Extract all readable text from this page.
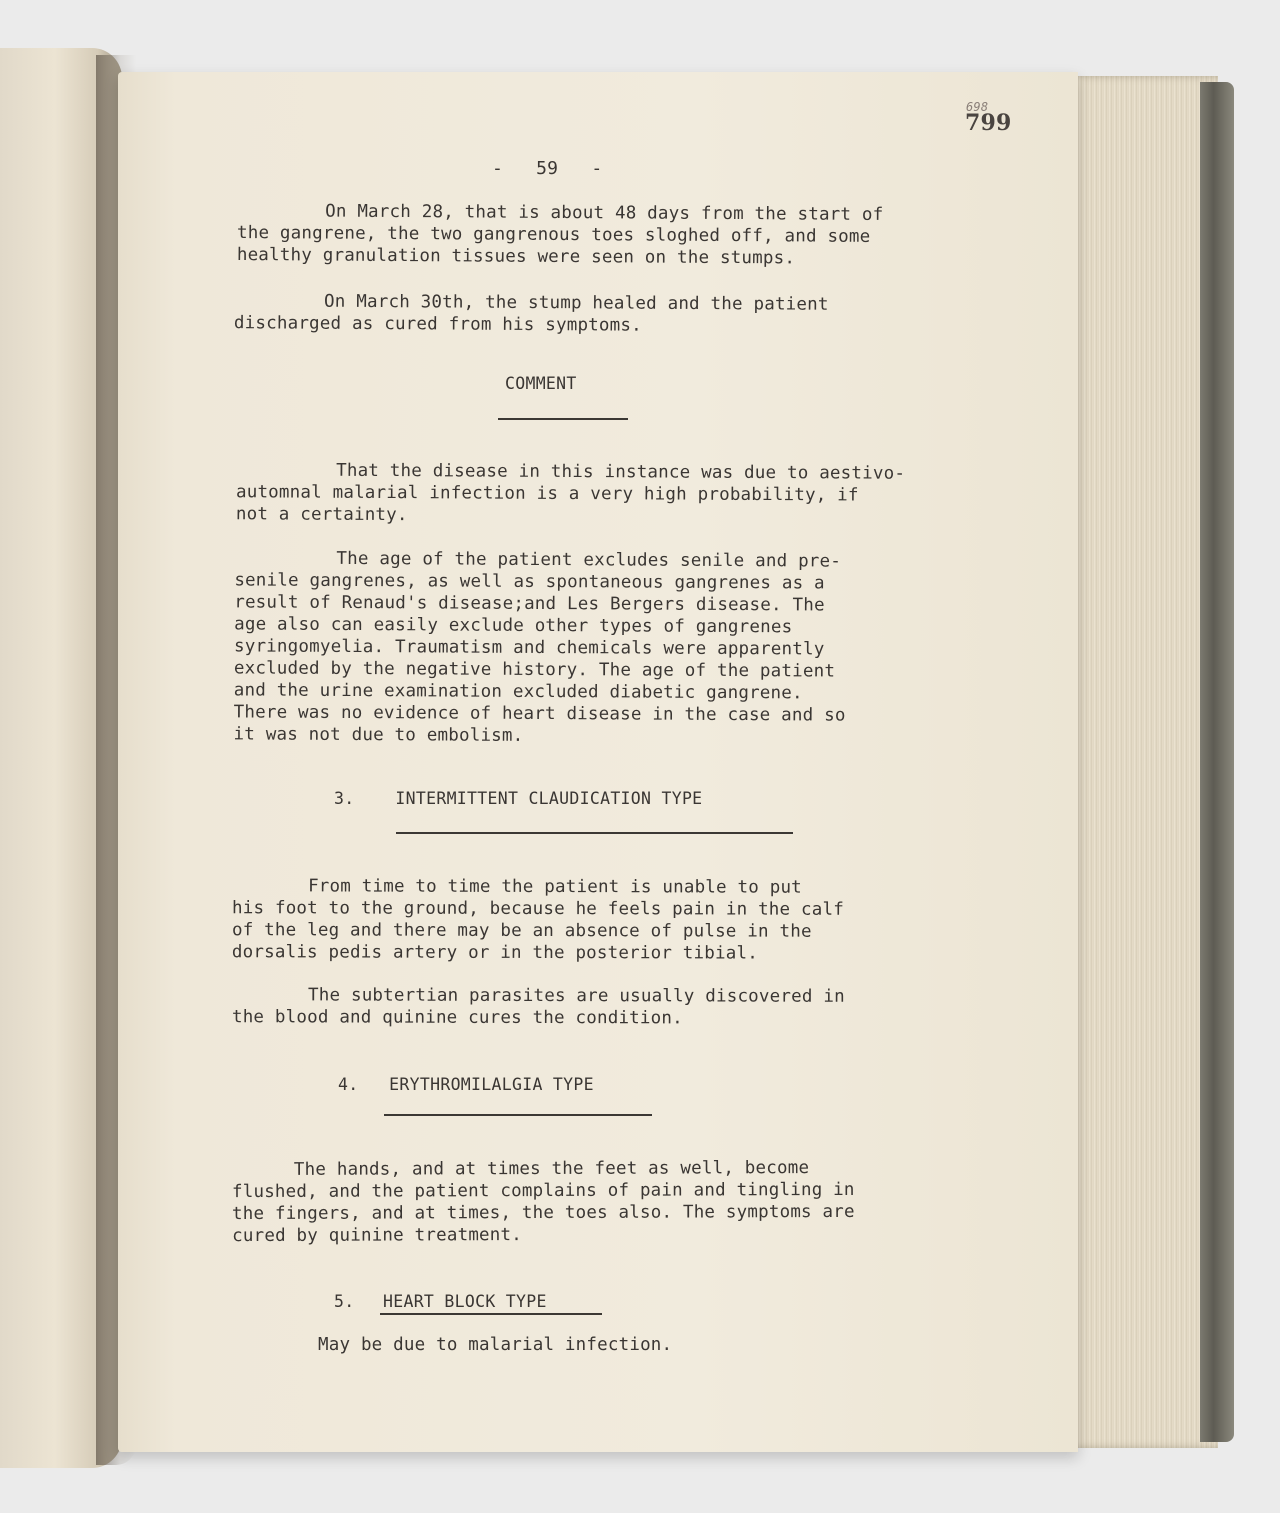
698
799
-   59   -
On March 28, that is about 48 days from the start of
the gangrene, the two gangrenous toes sloghed off, and some
healthy granulation tissues were seen on the stumps.
On March 30th, the stump healed and the patient
discharged as cured from his symptoms.
COMMENT
That the disease in this instance was due to aestivo-
automnal malarial infection is a very high probability, if
not a certainty.
The age of the patient excludes senile and pre-
senile gangrenes, as well as spontaneous gangrenes as a
result of Renaud's disease;and Les Bergers disease. The
age also can easily exclude other types of gangrenes
syringomyelia. Traumatism and chemicals were apparently
excluded by the negative history. The age of the patient
and the urine examination excluded diabetic gangrene.
There was no evidence of heart disease in the case and so
it was not due to embolism.
3.    INTERMITTENT CLAUDICATION TYPE
From time to time the patient is unable to put
his foot to the ground, because he feels pain in the calf
of the leg and there may be an absence of pulse in the
dorsalis pedis artery or in the posterior tibial.
The subtertian parasites are usually discovered in
the blood and quinine cures the condition.
4.   ERYTHROMILALGIA TYPE
The hands, and at times the feet as well, become
flushed, and the patient complains of pain and tingling in
the fingers, and at times, the toes also. The symptoms are
cured by quinine treatment.
5. HEART BLOCK TYPE
May be due to malarial infection.
